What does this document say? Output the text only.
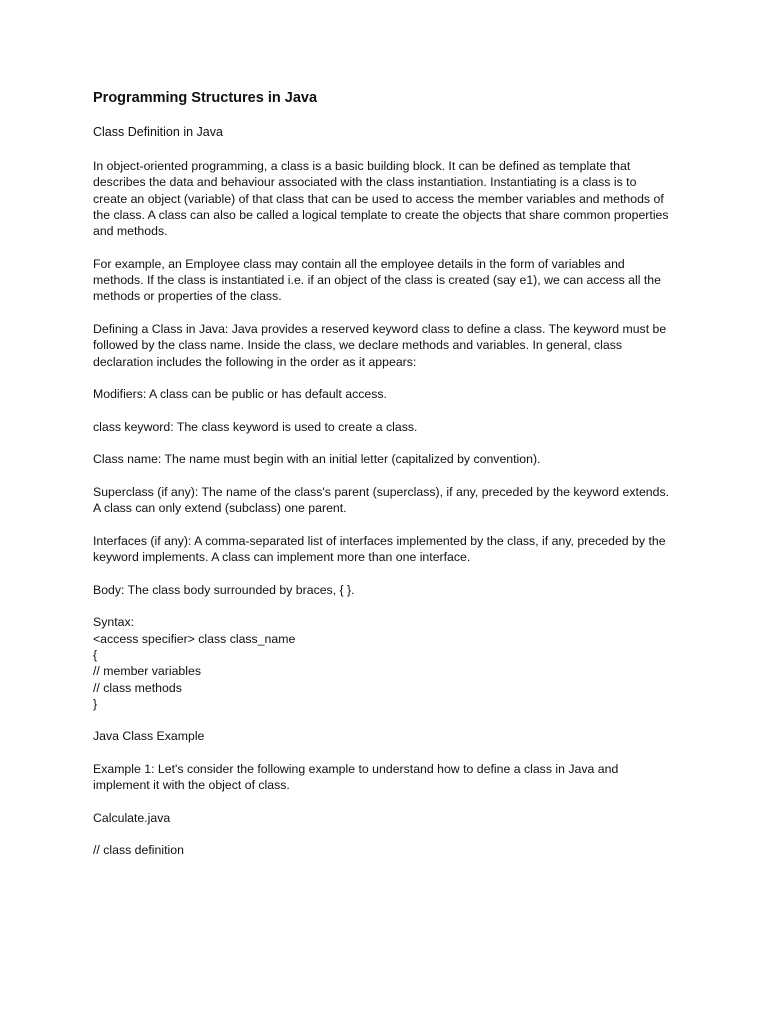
Programming Structures in Java
Class Definition in Java
In object-oriented programming, a class is a basic building block. It can be defined as template that describes the data and behaviour associated with the class instantiation. Instantiating is a class is to create an object (variable) of that class that can be used to access the member variables and methods of the class. A class can also be called a logical template to create the objects that share common properties and methods.
For example, an Employee class may contain all the employee details in the form of variables and methods. If the class is instantiated i.e. if an object of the class is created (say e1), we can access all the methods or properties of the class.
Defining a Class in Java: Java provides a reserved keyword class to define a class. The keyword must be followed by the class name. Inside the class, we declare methods and variables. In general, class declaration includes the following in the order as it appears:
Modifiers: A class can be public or has default access.
class keyword: The class keyword is used to create a class.
Class name: The name must begin with an initial letter (capitalized by convention).
Superclass (if any): The name of the class's parent (superclass), if any, preceded by the keyword extends. A class can only extend (subclass) one parent.
Interfaces (if any): A comma-separated list of interfaces implemented by the class, if any, preceded by the keyword implements. A class can implement more than one interface.
Body: The class body surrounded by braces, { }.
Syntax:
<access specifier> class class_name
{
// member variables
// class methods
}
Java Class Example
Example 1: Let's consider the following example to understand how to define a class in Java and implement it with the object of class.
Calculate.java
// class definition
